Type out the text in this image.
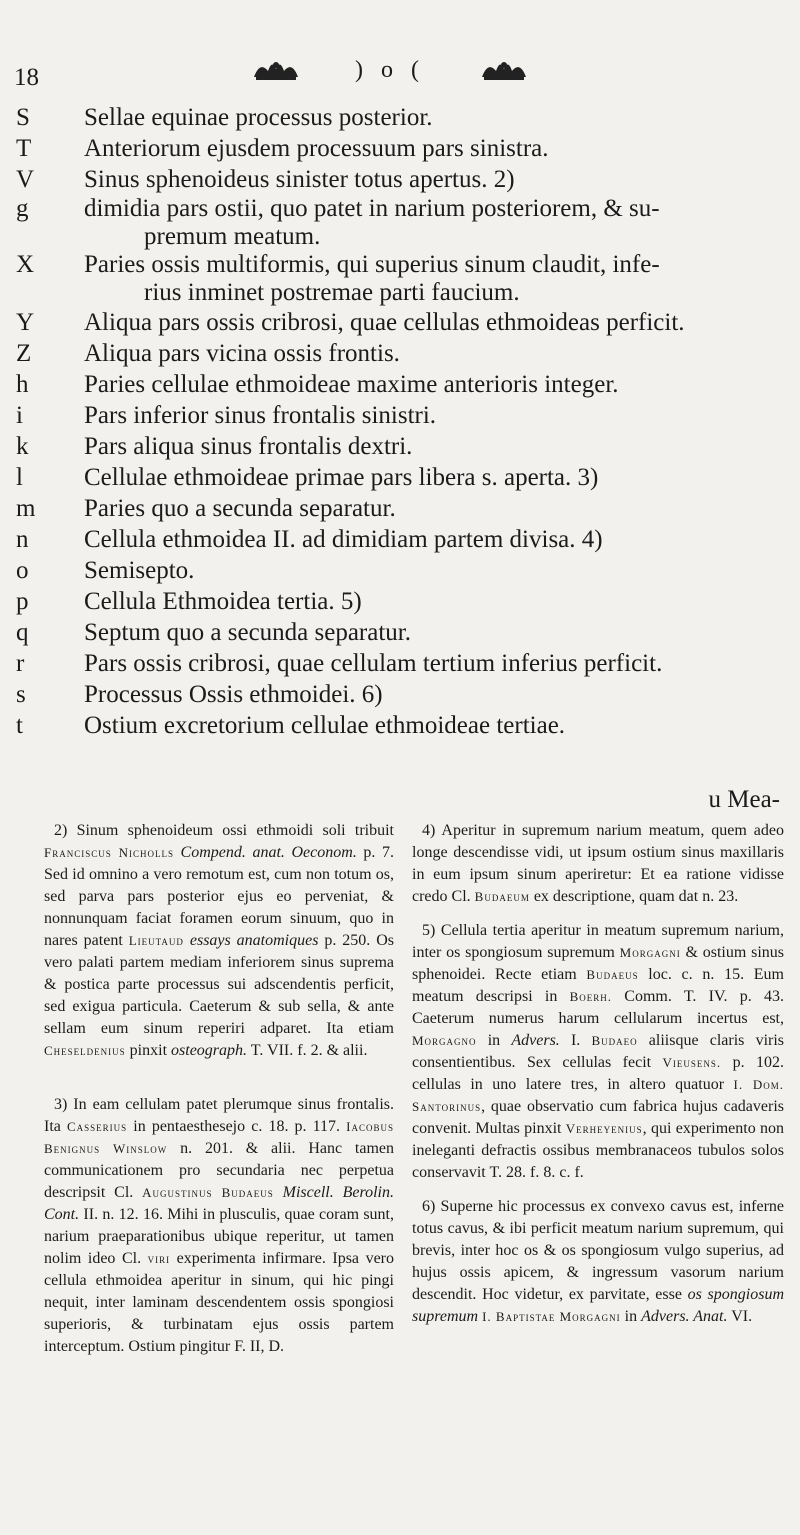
18	) o (
S	Sellae equinae processus posterior.
T	Anteriorum ejusdem processuum pars sinistra.
V	Sinus sphenoideus sinister totus apertus. 2)
g	dimidia pars ostii, quo patet in narium posteriorem, & su-
premum meatum.
X	Paries ossis multiformis, qui superius sinum claudit, infe-
rius inminet postremae parti faucium.
Y	Aliqua pars ossis cribrosi, quae cellulas ethmoideas perficit.
Z	Aliqua pars vicina ossis frontis.
h	Paries cellulae ethmoideae maxime anterioris integer.
i	Pars inferior sinus frontalis sinistri.
k	Pars aliqua sinus frontalis dextri.
l	Cellulae ethmoideae primae pars libera s. aperta. 3)
m	Paries quo a secunda separatur.
n	Cellula ethmoidea II. ad dimidiam partem divisa. 4)
o	Semisepto.
p	Cellula Ethmoidea tertia. 5)
q	Septum quo a secunda separatur.
r	Pars ossis cribrosi, quae cellulam tertium inferius perficit.
s	Processus Ossis ethmoidei. 6)
t	Ostium excretorium cellulae ethmoideae tertiae.
u Mea-

2) Sinum sphenoideum ossi ethmoidi soli tribuit Franciscus Nicholls Compend. anat. Oeconom. p. 7. Sed id omnino a vero remotum est, cum non totum os, sed parva pars posterior ejus eo perveniat, & nonnunquam faciat foramen eorum sinuum, quo in nares patent Lieutaud essays anatomiques p. 250. Os vero palati partem mediam inferiorem sinus suprema & postica parte processus sui adscendentis perficit, sed exigua particula. Caeterum & sub sella, & ante sellam eum sinum reperiri adparet. Ita etiam Cheseldenius pinxit osteograph. T. VII. f. 2. & alii.

3) In eam cellulam patet plerumque sinus frontalis. Ita Casserius in pentaesthesejo c. 18. p. 117. Iacobus Benignus Winslow n. 201. & alii. Hanc tamen communicationem pro secundaria nec perpetua descripsit Cl. Augustinus Budaeus Miscell. Berolin. Cont. II. n. 12. 16. Mihi in plusculis, quae coram sunt, narium praeparationibus ubique reperitur, ut tamen nolim ideo Cl. viri experimenta infirmare. Ipsa vero cellula ethmoidea aperitur in sinum, qui hic pingi nequit, inter laminam descendentem ossis spongiosi superioris, & turbinatam ejus ossis partem interceptum. Ostium pingitur F. II, D.

4) Aperitur in supremum narium meatum, quem adeo longe descendisse vidi, ut ipsum ostium sinus maxillaris in eum ipsum sinum aperiretur: Et ea ratione vidisse credo Cl. Budaeum ex descriptione, quam dat n. 23.

5) Cellula tertia aperitur in meatum supremum narium, inter os spongiosum supremum Morgagni & ostium sinus sphenoidei. Recte etiam Budaeus loc. c. n. 15. Eum meatum descripsi in Boerh. Comm. T. IV. p. 43. Caeterum numerus harum cellularum incertus est, Morgagno in Advers. I. Budaeo aliisque claris viris consentientibus. Sex cellulas fecit Vieusens. p. 102. cellulas in uno latere tres, in altero quatuor I. Dom. Santorinus, quae observatio cum fabrica hujus cadaveris convenit. Multas pinxit Verheyenius, qui experimento non ineleganti defractis ossibus membranaceos tubulos solos conservavit T. 28. f. 8. c. f.

6) Superne hic processus ex convexo cavus est, inferne totus cavus, & ibi perficit meatum narium supremum, qui brevis, inter hoc os & os spongiosum vulgo superius, ad hujus ossis apicem, & ingressum vasorum narium descendit. Hoc videtur, ex parvitate, esse os spongiosum supremum I. Baptistae Morgagni in Advers. Anat. VI.
